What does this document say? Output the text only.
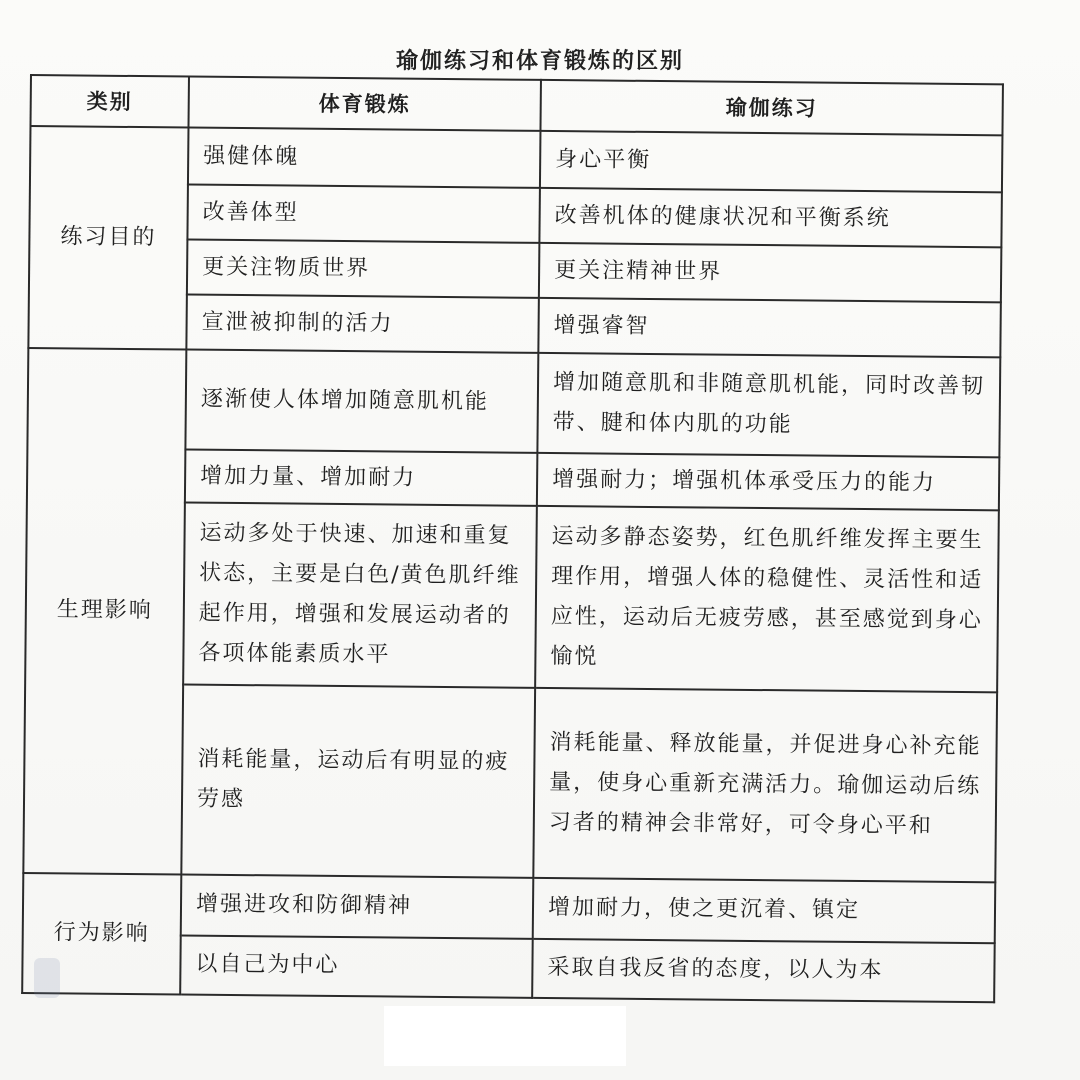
瑜伽练习和体育锻炼的区别
类别	体育锻炼	瑜伽练习
练习目的	强健体魄	身心平衡
	改善体型	改善机体的健康状况和平衡系统
	更关注物质世界	更关注精神世界
	宣泄被抑制的活力	增强睿智
生理影响	逐渐使人体增加随意肌机能	增加随意肌和非随意肌机能，同时改善韧带、腱和体内肌的功能
	增加力量、增加耐力	增强耐力；增强机体承受压力的能力
	运动多处于快速、加速和重复状态，主要是白色/黄色肌纤维起作用，增强和发展运动者的各项体能素质水平	运动多静态姿势，红色肌纤维发挥主要生理作用，增强人体的稳健性、灵活性和适应性，运动后无疲劳感，甚至感觉到身心愉悦
	消耗能量，运动后有明显的疲劳感	消耗能量、释放能量，并促进身心补充能量，使身心重新充满活力。瑜伽运动后练习者的精神会非常好，可令身心平和
行为影响	增强进攻和防御精神	增加耐力，使之更沉着、镇定
	以自己为中心	采取自我反省的态度，以人为本
